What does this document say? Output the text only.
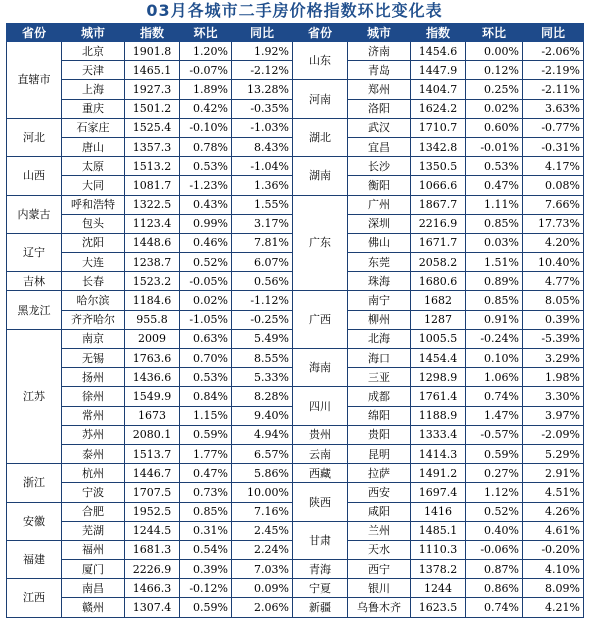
03月各城市二手房价格指数环比变化表
省份	城市	指数	环比	同比	省份	城市	指数	环比	同比
直辖市	北京	1901.8	1.20%	1.92%	山东	济南	1454.6	0.00%	-2.06%
	天津	1465.1	-0.07%	-2.12%		青岛	1447.9	0.12%	-2.19%
	上海	1927.3	1.89%	13.28%	河南	郑州	1404.7	0.25%	-2.11%
	重庆	1501.2	0.42%	-0.35%		洛阳	1624.2	0.02%	3.63%
河北	石家庄	1525.4	-0.10%	-1.03%	湖北	武汉	1710.7	0.60%	-0.77%
	唐山	1357.3	0.78%	8.43%		宜昌	1342.8	-0.01%	-0.31%
山西	太原	1513.2	0.53%	-1.04%	湖南	长沙	1350.5	0.53%	4.17%
	大同	1081.7	-1.23%	1.36%		衡阳	1066.6	0.47%	0.08%
内蒙古	呼和浩特	1322.5	0.43%	1.55%	广东	广州	1867.7	1.11%	7.66%
	包头	1123.4	0.99%	3.17%		深圳	2216.9	0.85%	17.73%
辽宁	沈阳	1448.6	0.46%	7.81%		佛山	1671.7	0.03%	4.20%
	大连	1238.7	0.52%	6.07%		东莞	2058.2	1.51%	10.40%
吉林	长春	1523.2	-0.05%	0.56%		珠海	1680.6	0.89%	4.77%
黑龙江	哈尔滨	1184.6	0.02%	-1.12%	广西	南宁	1682	0.85%	8.05%
	齐齐哈尔	955.8	-1.05%	-0.25%		柳州	1287	0.91%	0.39%
江苏	南京	2009	0.63%	5.49%		北海	1005.5	-0.24%	-5.39%
	无锡	1763.6	0.70%	8.55%	海南	海口	1454.4	0.10%	3.29%
	扬州	1436.6	0.53%	5.33%		三亚	1298.9	1.06%	1.98%
	徐州	1549.9	0.84%	8.28%	四川	成都	1761.4	0.74%	3.30%
	常州	1673	1.15%	9.40%		绵阳	1188.9	1.47%	3.97%
	苏州	2080.1	0.59%	4.94%	贵州	贵阳	1333.4	-0.57%	-2.09%
	泰州	1513.7	1.77%	6.57%	云南	昆明	1414.3	0.59%	5.29%
浙江	杭州	1446.7	0.47%	5.86%	西藏	拉萨	1491.2	0.27%	2.91%
	宁波	1707.5	0.73%	10.00%	陕西	西安	1697.4	1.12%	4.51%
安徽	合肥	1952.5	0.85%	7.16%		咸阳	1416	0.52%	4.26%
	芜湖	1244.5	0.31%	2.45%	甘肃	兰州	1485.1	0.40%	4.61%
福建	福州	1681.3	0.54%	2.24%		天水	1110.3	-0.06%	-0.20%
	厦门	2226.9	0.39%	7.03%	青海	西宁	1378.2	0.87%	4.10%
江西	南昌	1466.3	-0.12%	0.09%	宁夏	银川	1244	0.86%	8.09%
	赣州	1307.4	0.59%	2.06%	新疆	乌鲁木齐	1623.5	0.74%	4.21%
